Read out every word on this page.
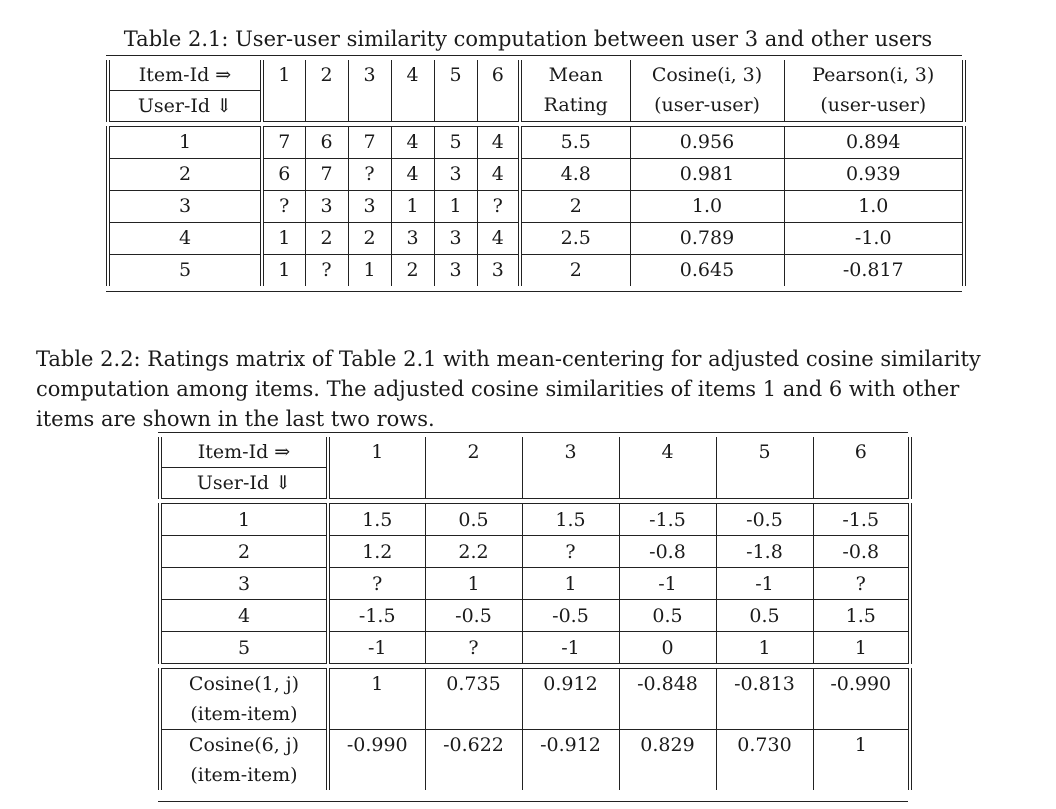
Table 2.1: User-user similarity computation between user 3 and other users
Item-Id ⇒	1	2	3	4	5	6	Mean	Cosine(i, 3)	Pearson(i, 3)
User-Id ⇓							Rating	(user-user)	(user-user)

1	7	6	7	4	5	4	5.5	0.956	0.894
2	6	7	?	4	3	4	4.8	0.981	0.939
3	?	3	3	1	1	?	2	1.0	1.0
4	1	2	2	3	3	4	2.5	0.789	-1.0
5	1	?	1	2	3	3	2	0.645	-0.817
Table 2.2: Ratings matrix of Table 2.1 with mean-centering for adjusted cosine similarity
computation among items. The adjusted cosine similarities of items 1 and 6 with other
items are shown in the last two rows.
Item-Id ⇒	1	2	3	4	5	6
User-Id ⇓						

1	1.5	0.5	1.5	-1.5	-0.5	-1.5
2	1.2	2.2	?	-0.8	-1.8	-0.8
3	?	1	1	-1	-1	?
4	-1.5	-0.5	-0.5	0.5	0.5	1.5
5	-1	?	-1	0	1	1

Cosine(1, j)
(item-item)	1	0.735	0.912	-0.848	-0.813	-0.990

Cosine(6, j)
(item-item)	-0.990	-0.622	-0.912	0.829	0.730	1
